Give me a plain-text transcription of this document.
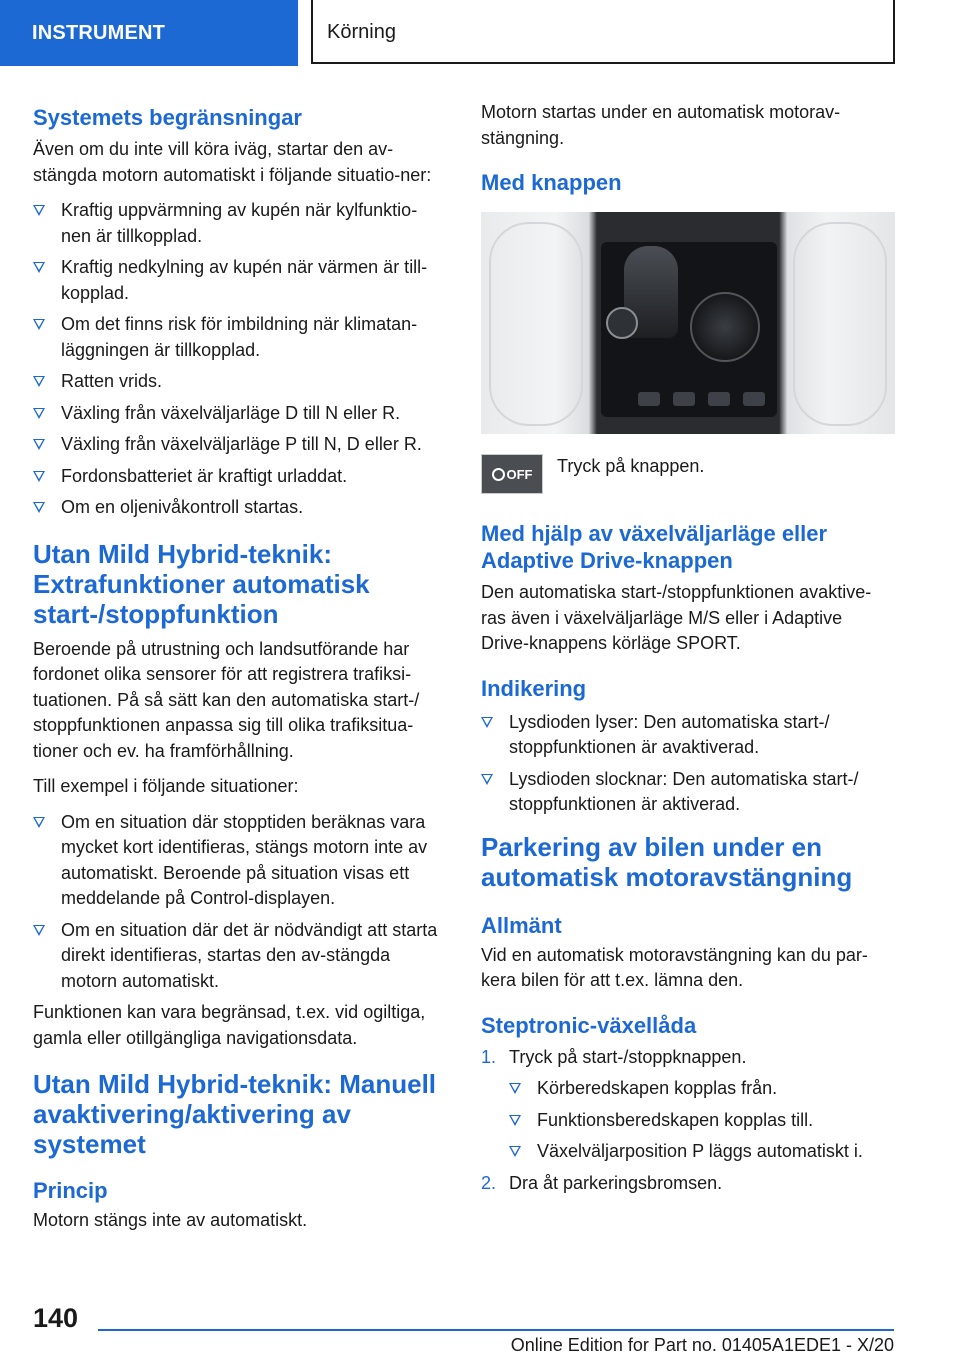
INSTRUMENT	Körning
Systemets begränsningar

Även om du inte vill köra iväg, startar den av-stängda motorn automatiskt i följande situatio-ner:

Kraftig uppvärmning av kupén när kylfunktio-nen är tillkopplad.
Kraftig nedkylning av kupén när värmen är till-kopplad.
Om det finns risk för imbildning när klimatan-läggningen är tillkopplad.
Ratten vrids.
Växling från växelväljarläge D till N eller R.
Växling från växelväljarläge P till N, D eller R.
Fordonsbatteriet är kraftigt urladdat.
Om en oljenivåkontroll startas.
Utan Mild Hybrid-teknik: Extrafunktioner automatisk start-/stoppfunktion

Beroende på utrustning och landsutförande har fordonet olika sensorer för att registrera trafiksi-tuationen. På så sätt kan den automatiska start-/ stoppfunktionen anpassa sig till olika trafiksitua-tioner och ev. ha framförhållning.

Till exempel i följande situationer:

Om en situation där stopptiden beräknas vara mycket kort identifieras, stängs motorn inte av automatiskt. Beroende på situation visas ett meddelande på Control-displayen.
Om en situation där det är nödvändigt att starta direkt identifieras, startas den av-stängda motorn automatiskt.

Funktionen kan vara begränsad, t.ex. vid ogiltiga, gamla eller otillgängliga navigationsdata.

Utan Mild Hybrid-teknik: Manuell avaktivering/aktivering av systemet
Princip

Motorn stängs inte av automatiskt.

Motorn startas under en automatisk motorav-stängning.

Med knappen
OFF Tryck på knappen.

Med hjälp av växelväljarläge eller Adaptive Drive-knappen

Den automatiska start-/stoppfunktionen avaktive-ras även i växelväljarläge M/S eller i Adaptive Drive-knappens körläge SPORT.

Indikering
Lysdioden lyser: Den automatiska start-/ stoppfunktionen är avaktiverad.
Lysdioden slocknar: Den automatiska start-/ stoppfunktionen är aktiverad.
Parkering av bilen under en automatisk motoravstängning
Allmänt

Vid en automatisk motoravstängning kan du par-kera bilen för att t.ex. lämna den.

Steptronic-växellåda
1. Tryck på start-/stoppknappen.
Körberedskapen kopplas från.
Funktionsberedskapen kopplas till.
Växelväljarposition P läggs automatiskt i.
2. Dra åt parkeringsbromsen.
140
Online Edition for Part no. 01405A1EDE1 - X/20
